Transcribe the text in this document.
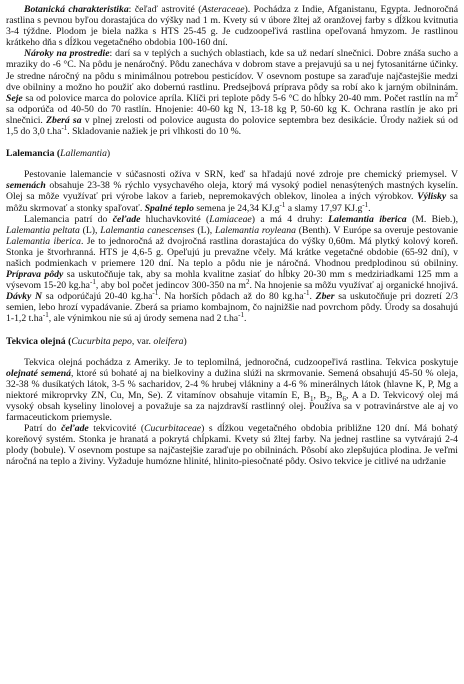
Botanická charakteristika: čeľaď astrovité (Asteraceae). Pochádza z Indie, Afganistanu, Egypta. Jednoročná rastlina s pevnou byľou dorastajúca do výšky nad 1 m. Kvety sú v úbore žltej až oranžovej farby s dĺžkou kvitnutia 3-4 týždne. Plodom je biela nažka s HTS 25-45 g. Je cudzoopeľivá rastlina opeľovaná hmyzom. Je rastlinou krátkeho dňa s dĺžkou vegetačného obdobia 100-160 dní.

Nároky na prostredie: darí sa v teplých a suchých oblastiach, kde sa už nedarí slnečnici. Dobre znáša sucho a mraziky do -6 °C. Na pôdu je nenáročný. Pôdu zanecháva v dobrom stave a prejavujú sa u nej fytosanitárne účinky. Je stredne náročný na pôdu s minimálnou potrebou pesticídov. V osevnom postupe sa zaraďuje najčastejšie medzi dve obilniny a možno ho použiť ako dobernú rastlinu. Predsejbová príprava pôdy sa robí ako k jarným obilninám. Seje sa od polovice marca do polovice apríla. Klíči pri teplote pôdy 5-6 °C do hĺbky 20-40 mm. Počet rastlín na $m^2$ sa odporúča od 40-50 do 70 rastlín. Hnojenie: 40-60 kg N, 13-18 kg P, 50-60 kg K. Ochrana rastlín je ako pri slnečnici. Zberá sa v plnej zrelosti od polovice augusta do polovice septembra bez desikácie. Úrody nažiek sú od 1,5 do 3,0 $t.ha^{-1}$. Skladovanie nažiek je pri vlhkosti do 10 %.

Lalemancia (Lallemantia)

Pestovanie lalemancie v súčasnosti ožíva v SRN, keď sa hľadajú nové zdroje pre chemický priemysel. V semenách obsahuje 23-38 % rýchlo vysychavého oleja, ktorý má vysoký podiel nenasýtených mastných kyselín. Olej sa môže využívať pri výrobe lakov a farieb, nepremokavých oblekov, linolea a iných výrobkov. Výlisky sa môžu skrmovať a stonky spaľovať. Spalné teplo semena je 24,34 $KJ.g^{-1}$ a slamy 17,97 $KJ.g^{-1}$.

Lalemancia patrí do čeľade hluchavkovité (Lamiaceae) a má 4 druhy: Lalemantia iberica (M. Bieb.), Lalemantia peltata (L), Lalemantia canescenses (L), Lalemantia royleana (Benth). V Európe sa overuje pestovanie Lalemantia iberica. Je to jednoročná až dvojročná rastlina dorastajúca do výšky 0,60m. Má plytký kolový koreň. Stonka je štvorhranná. HTS je 4,6-5 g. Opeľujú ju prevažne včely. Má krátke vegetačné obdobie (65-92 dní), v našich podmienkach v priemere 120 dní. Na teplo a pôdu nie je náročná. Vhodnou predplodinou sú obilniny. Príprava pôdy sa uskutočňuje tak, aby sa mohla kvalitne zasiať do hĺbky 20-30 mm s medziriadkami 125 mm a výsevom 15-20 $kg.ha^{-1}$, aby bol počet jedincov 300-350 na $m^2$. Na hnojenie sa môžu využívať aj organické hnojivá. Dávky N sa odporúčajú 20-40 $kg.ha^{-1}$. Na horších pôdach až do 80 $kg.ha^{-1}$. Zber sa uskutočňuje pri dozretí 2/3 semien, lebo hrozí vypadávanie. Zberá sa priamo kombajnom, čo najnižšie nad povrchom pôdy. Úrody sa dosahujú 1-1,2 $t.ha^{-1}$, ale výnimkou nie sú aj úrody semena nad 2 $t.ha^{-1}$.

Tekvica olejná (Cucurbita pepo, var. oleifera)

Tekvica olejná pochádza z Ameriky. Je to teplomilná, jednoročná, cudzoopeľivá rastlina. Tekvica poskytuje olejnaté semená, ktoré sú bohaté aj na bielkoviny a dužina slúži na skrmovanie. Semená obsahujú 45-50 % oleja, 32-38 % dusíkatých látok, 3-5 % sacharidov, 2-4 % hrubej vlákniny a 4-6 % minerálnych látok (hlavne K, P, Mg a niektoré mikroprvky ZN, Cu, Mn, Se). Z vitamínov obsahuje vitamín E, $B_1$, $B_2$, $B_6$, A a D. Tekvicový olej má vysoký obsah kyseliny linolovej a považuje sa za najzdravší rastlinný olej. Používa sa v potravinárstve ale aj vo farmaceutickom priemysle.

Patrí do čeľade tekvicovité (Cucurbitaceae) s dĺžkou vegetačného obdobia približne 120 dní. Má bohatý koreňový systém. Stonka je hranatá a pokrytá chĺpkami. Kvety sú žltej farby. Na jednej rastline sa vytvárajú 2-4 plody (bobule). V osevnom postupe sa najčastejšie zaraďuje po obilninách. Pôsobí ako zlepšujúca plodina. Je veľmi náročná na teplo a živiny. Vyžaduje humózne hlinité, hlinito-piesočnaté pôdy. Osivo tekvice je citlivé na udržanie
